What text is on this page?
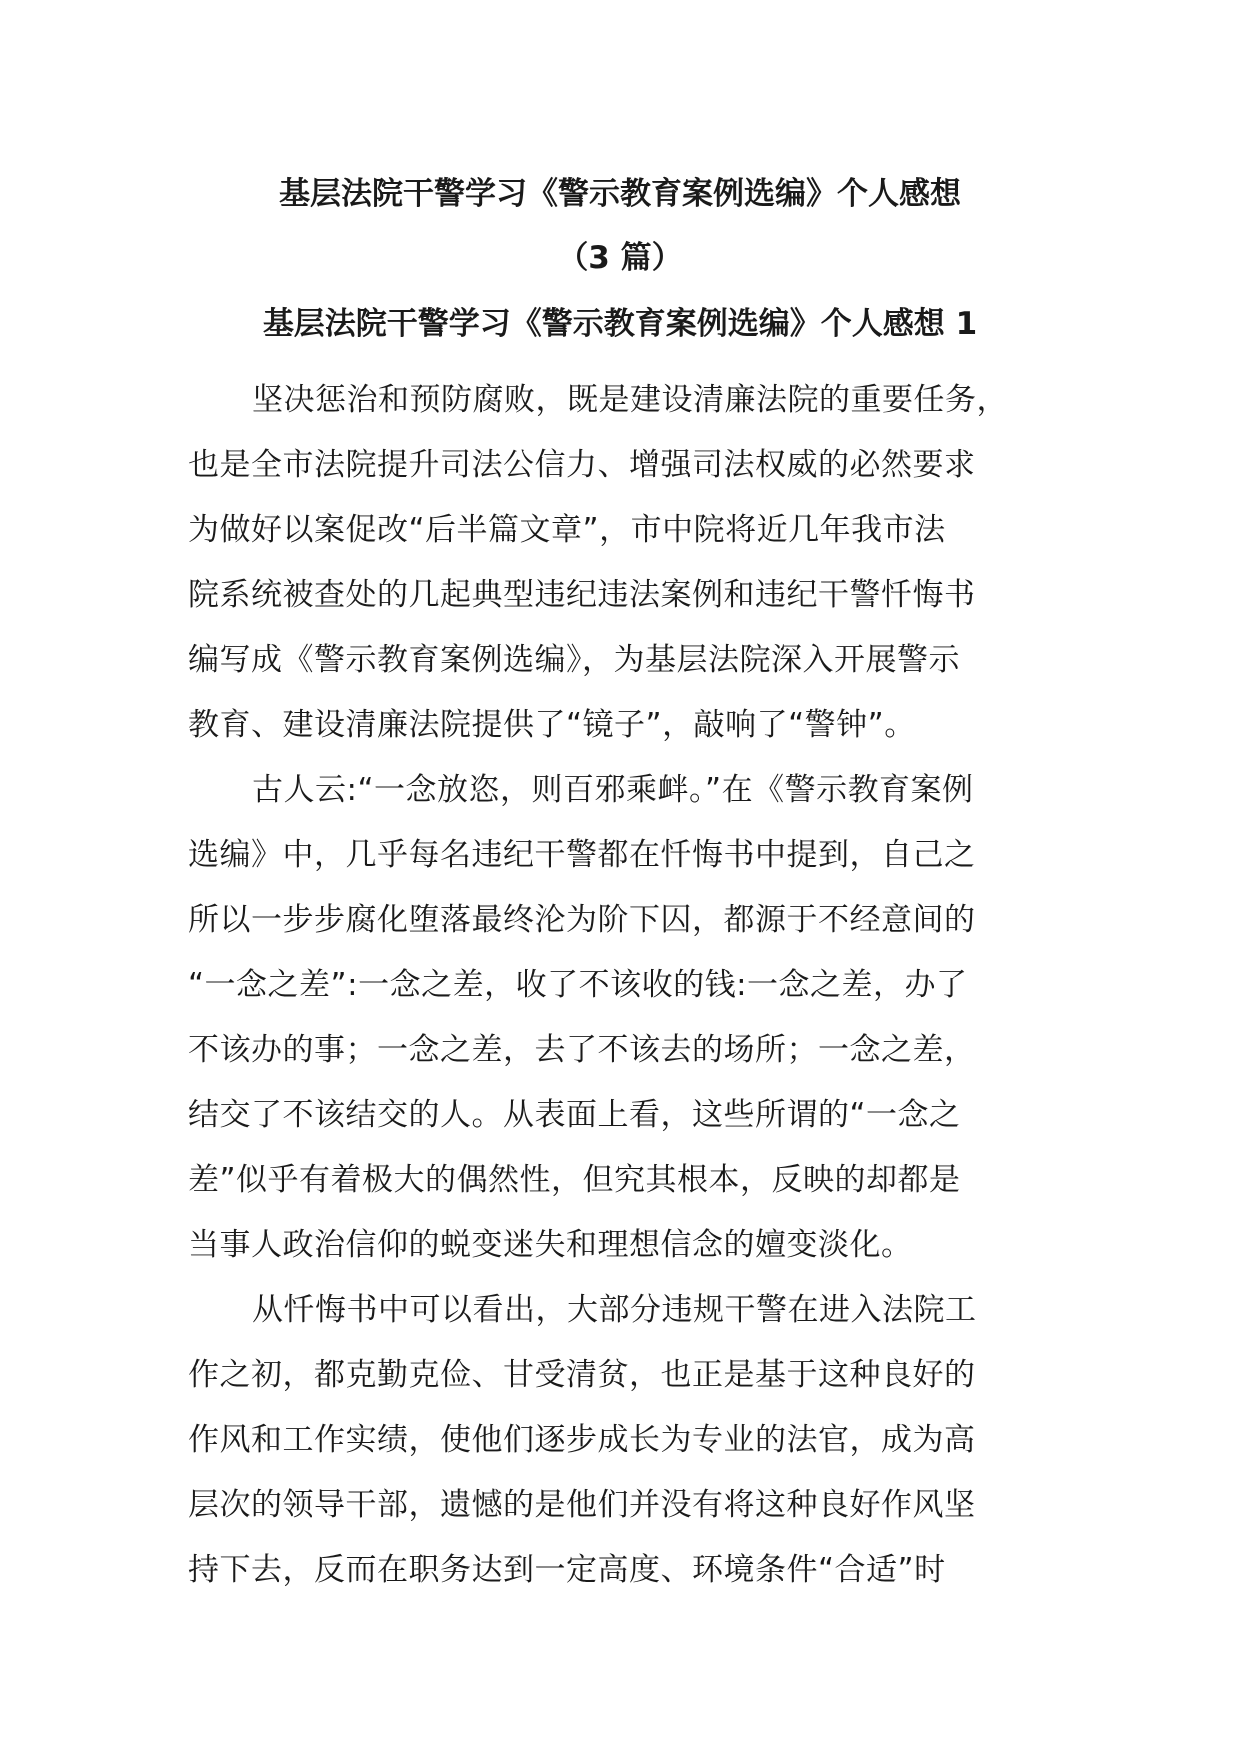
基层法院干警学习《警示教育案例选编》个人感想
（3 篇）
基层法院干警学习《警示教育案例选编》个人感想 1
坚决惩治和预防腐败，既是建设清廉法院的重要任务，
也是全市法院提升司法公信力、增强司法权威的必然要求
为做好以案促改“后半篇文章”，市中院将近几年我市法
院系统被查处的几起典型违纪违法案例和违纪干警忏悔书
编写成《警示教育案例选编》，为基层法院深入开展警示
教育、建设清廉法院提供了“镜子”，敲响了“警钟”。
古人云:“一念放恣，则百邪乘衅。”在《警示教育案例
选编》中，几乎每名违纪干警都在忏悔书中提到，自己之
所以一步步腐化堕落最终沦为阶下囚，都源于不经意间的
“一念之差”:一念之差，收了不该收的钱:一念之差，办了
不该办的事；一念之差，去了不该去的场所；一念之差，
结交了不该结交的人。从表面上看，这些所谓的“一念之
差”似乎有着极大的偶然性，但究其根本，反映的却都是
当事人政治信仰的蜕变迷失和理想信念的嬗变淡化。
从忏悔书中可以看出，大部分违规干警在进入法院工
作之初，都克勤克俭、甘受清贫，也正是基于这种良好的
作风和工作实绩，使他们逐步成长为专业的法官，成为高
层次的领导干部，遗憾的是他们并没有将这种良好作风坚
持下去，反而在职务达到一定高度、环境条件“合适”时
